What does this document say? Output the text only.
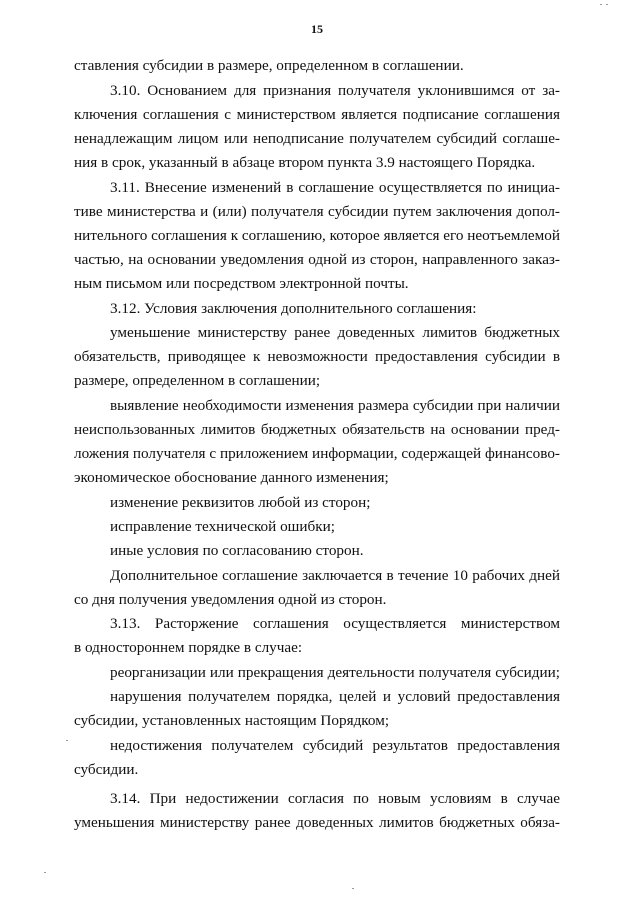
15
ставления субсидии в размере, определенном в соглашении.
3.10. Основанием для признания получателя уклонившимся от за-
ключения соглашения с министерством является подписание соглашения
ненадлежащим лицом или неподписание получателем субсидий соглаше-
ния в срок, указанный в абзаце втором пункта 3.9 настоящего Порядка.
3.11. Внесение изменений в соглашение осуществляется по инициа-
тиве министерства и (или) получателя субсидии путем заключения допол-
нительного соглашения к соглашению, которое является его неотъемлемой
частью, на основании уведомления одной из сторон, направленного заказ-
ным письмом или посредством электронной почты.
3.12. Условия заключения дополнительного соглашения:
уменьшение министерству ранее доведенных лимитов бюджетных
обязательств, приводящее к невозможности предоставления субсидии в
размере, определенном в соглашении;
выявление необходимости изменения размера субсидии при наличии
неиспользованных лимитов бюджетных обязательств на основании пред-
ложения получателя с приложением информации, содержащей финансово-
экономическое обоснование данного изменения;
изменение реквизитов любой из сторон;
исправление технической ошибки;
иные условия по согласованию сторон.
Дополнительное соглашение заключается в течение 10 рабочих дней
со дня получения уведомления одной из сторон.
3.13. Расторжение соглашения осуществляется министерством
в одностороннем порядке в случае:
реорганизации или прекращения деятельности получателя субсидии;
нарушения получателем порядка, целей и условий предоставления
субсидии, установленных настоящим Порядком;
недостижения получателем субсидий результатов предоставления
субсидии.
3.14. При недостижении согласия по новым условиям в случае
уменьшения министерству ранее доведенных лимитов бюджетных обяза-
